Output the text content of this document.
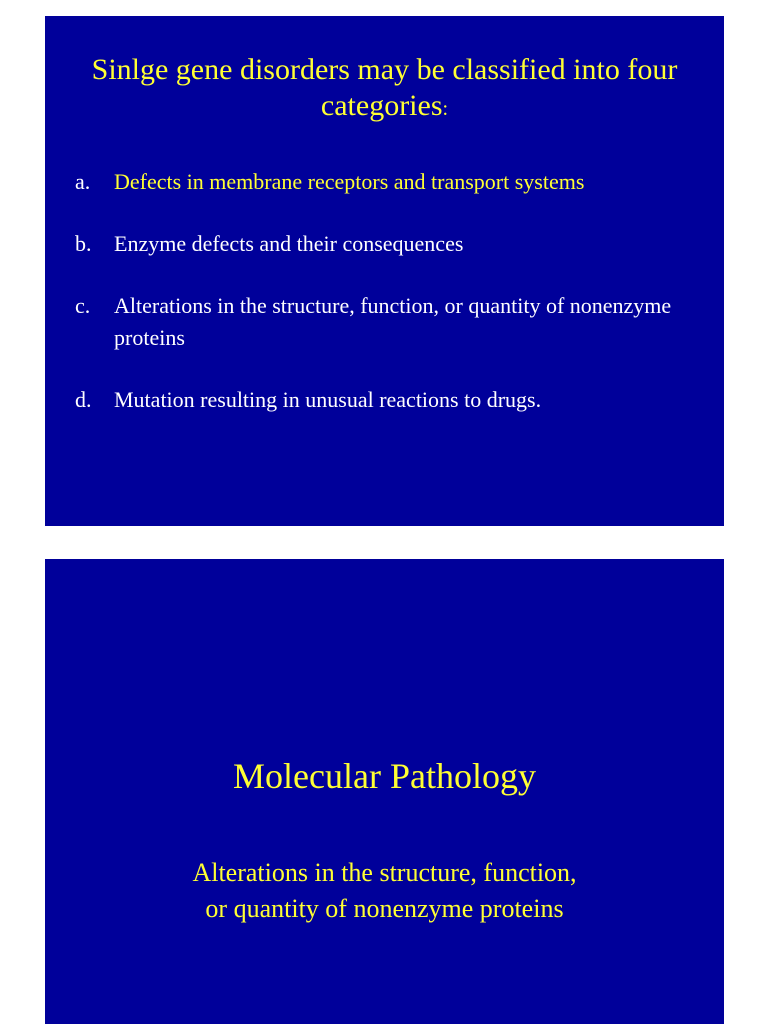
Sinlge gene disorders may be classified into four categories:
a. Defects in membrane receptors and transport systems
b. Enzyme defects and their consequences
c. Alterations in the structure, function, or quantity of nonenzyme proteins
d. Mutation resulting in unusual reactions to drugs.
Molecular Pathology

Alterations in the structure, function,
or quantity of nonenzyme proteins
